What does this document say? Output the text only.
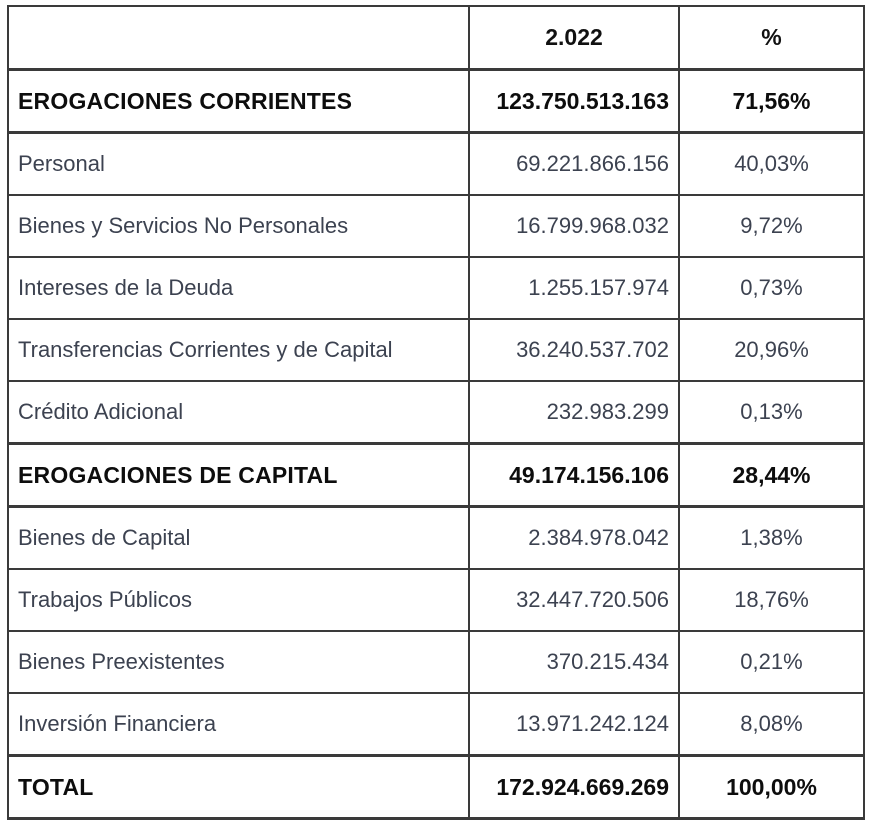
	2.022	%
EROGACIONES CORRIENTES	123.750.513.163	71,56%
Personal	69.221.866.156	40,03%
Bienes y Servicios No Personales	16.799.968.032	9,72%
Intereses de la Deuda	1.255.157.974	0,73%
Transferencias Corrientes y de Capital	36.240.537.702	20,96%
Crédito Adicional	232.983.299	0,13%
EROGACIONES DE CAPITAL	49.174.156.106	28,44%
Bienes de Capital	2.384.978.042	1,38%
Trabajos Públicos	32.447.720.506	18,76%
Bienes Preexistentes	370.215.434	0,21%
Inversión Financiera	13.971.242.124	8,08%
TOTAL	172.924.669.269	100,00%
